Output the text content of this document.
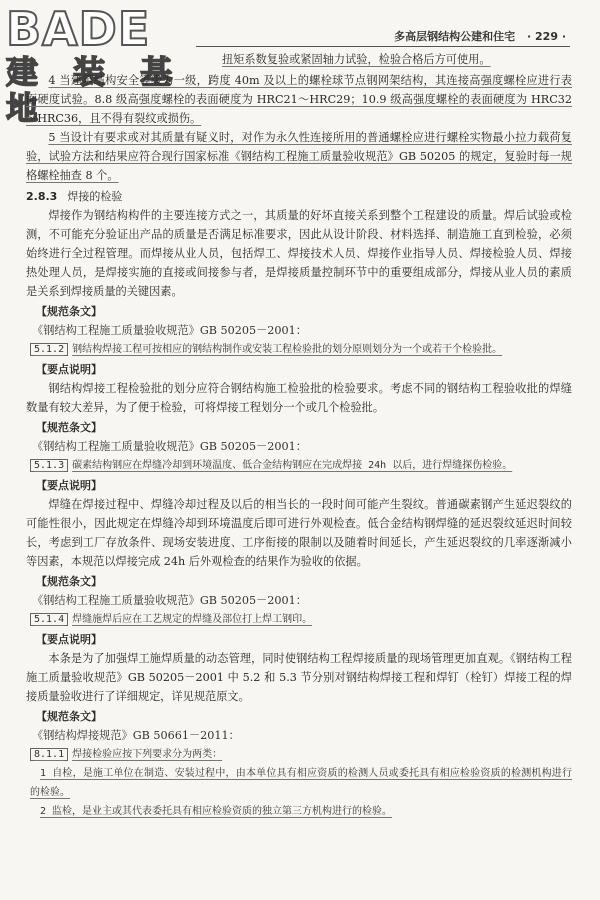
BADE
建 装 基 地
多高层钢结构公建和住宅 · 229 ·

扭矩系数复验或紧固轴力试验，检验合格后方可使用。

4 当建筑结构安全等级为一级，跨度 40m 及以上的螺栓球节点钢网架结构，其连接高强度螺栓应进行表面硬度试验。8.8 级高强度螺栓的表面硬度为 HRC21～HRC29；10.9 级高强度螺栓的表面硬度为 HRC32～HRC36，且不得有裂纹或损伤。

5 当设计有要求或对其质量有疑义时，对作为永久性连接所用的普通螺栓应进行螺栓实物最小拉力载荷复验，试验方法和结果应符合现行国家标准《钢结构工程施工质量验收规范》GB 50205 的规定，复验时每一规格螺栓抽查 8 个。

2.8.3 焊接的检验

焊接作为钢结构构件的主要连接方式之一，其质量的好坏直接关系到整个工程建设的质量。焊后试验或检测，不可能充分验证出产品的质量是否满足标准要求，因此从设计阶段、材料选择、制造施工直到检验，必须始终进行全过程管理。而焊接从业人员，包括焊工、焊接技术人员、焊接作业指导人员、焊接检验人员、焊接热处理人员，是焊接实施的直接或间接参与者，是焊接质量控制环节中的重要组成部分，焊接从业人员的素质是关系到焊接质量的关键因素。

【规范条文】
《钢结构工程施工质量验收规范》GB 50205－2001：
5.1.2 钢结构焊接工程可按相应的钢结构制作或安装工程检验批的划分原则划分为一个或若干个检验批。
【要点说明】

钢结构焊接工程检验批的划分应符合钢结构施工检验批的检验要求。考虑不同的钢结构工程验收批的焊缝数量有较大差异，为了便于检验，可将焊接工程划分一个或几个检验批。

【规范条文】
《钢结构工程施工质量验收规范》GB 50205－2001：
5.1.3 碳素结构钢应在焊缝冷却到环境温度、低合金结构钢应在完成焊接 24h 以后，进行焊缝探伤检验。
【要点说明】

焊缝在焊接过程中、焊缝冷却过程及以后的相当长的一段时间可能产生裂纹。普通碳素钢产生延迟裂纹的可能性很小，因此规定在焊缝冷却到环境温度后即可进行外观检查。低合金结构钢焊缝的延迟裂纹延迟时间较长，考虑到工厂存放条件、现场安装进度、工序衔接的限制以及随着时间延长，产生延迟裂纹的几率逐渐减小等因素，本规范以焊接完成 24h 后外观检查的结果作为验收的依据。

【规范条文】
《钢结构工程施工质量验收规范》GB 50205－2001：
5.1.4 焊缝施焊后应在工艺规定的焊缝及部位打上焊工钢印。
【要点说明】

本条是为了加强焊工施焊质量的动态管理，同时使钢结构工程焊接质量的现场管理更加直观。《钢结构工程施工质量验收规范》GB 50205－2001 中 5.2 和 5.3 节分别对钢结构焊接工程和焊钉（栓钉）焊接工程的焊接质量验收进行了详细规定，详见规范原文。

【规范条文】
《钢结构焊接规范》GB 50661－2011：
8.1.1 焊接检验应按下列要求分为两类：
1 自检，是施工单位在制造、安装过程中，由本单位具有相应资质的检测人员或委托具有相应检验资质的检测机构进行的检验。
2 监检，是业主或其代表委托具有相应检验资质的独立第三方机构进行的检验。
